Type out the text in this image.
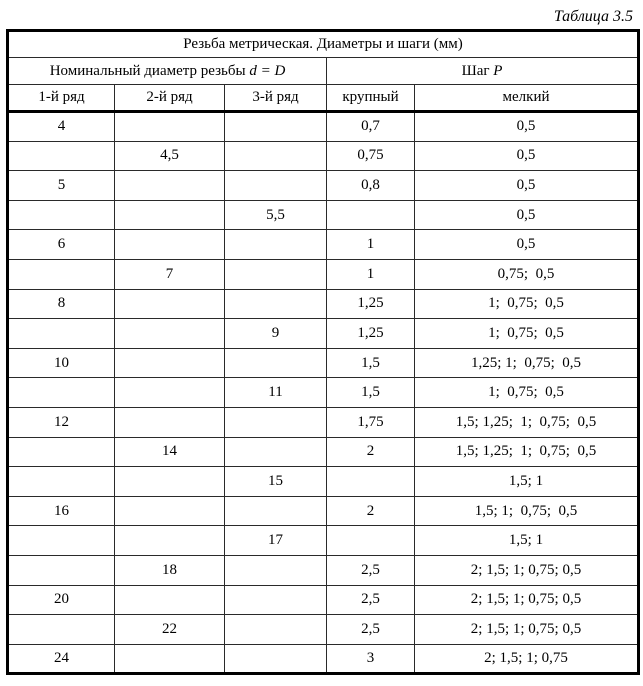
Таблица 3.5
Резьба метрическая. Диаметры и шаги (мм)				
Номинальный диаметр резьбы d = D			Шаг P	
1-й ряд	2-й ряд	3-й ряд	крупный	мелкий
4			0,7	0,5
	4,5		0,75	0,5
5			0,8	0,5
		5,5		0,5
6			1	0,5
	7		1	0,75;  0,5
8			1,25	1;  0,75;  0,5
		9	1,25	1;  0,75;  0,5
10			1,5	1,25; 1;  0,75;  0,5
		11	1,5	1;  0,75;  0,5
12			1,75	1,5; 1,25;  1;  0,75;  0,5
	14		2	1,5; 1,25;  1;  0,75;  0,5
		15		1,5; 1
16			2	1,5; 1;  0,75;  0,5
		17		1,5; 1
	18		2,5	2; 1,5; 1; 0,75; 0,5
20			2,5	2; 1,5; 1; 0,75; 0,5
	22		2,5	2; 1,5; 1; 0,75; 0,5
24			3	2; 1,5; 1; 0,75
